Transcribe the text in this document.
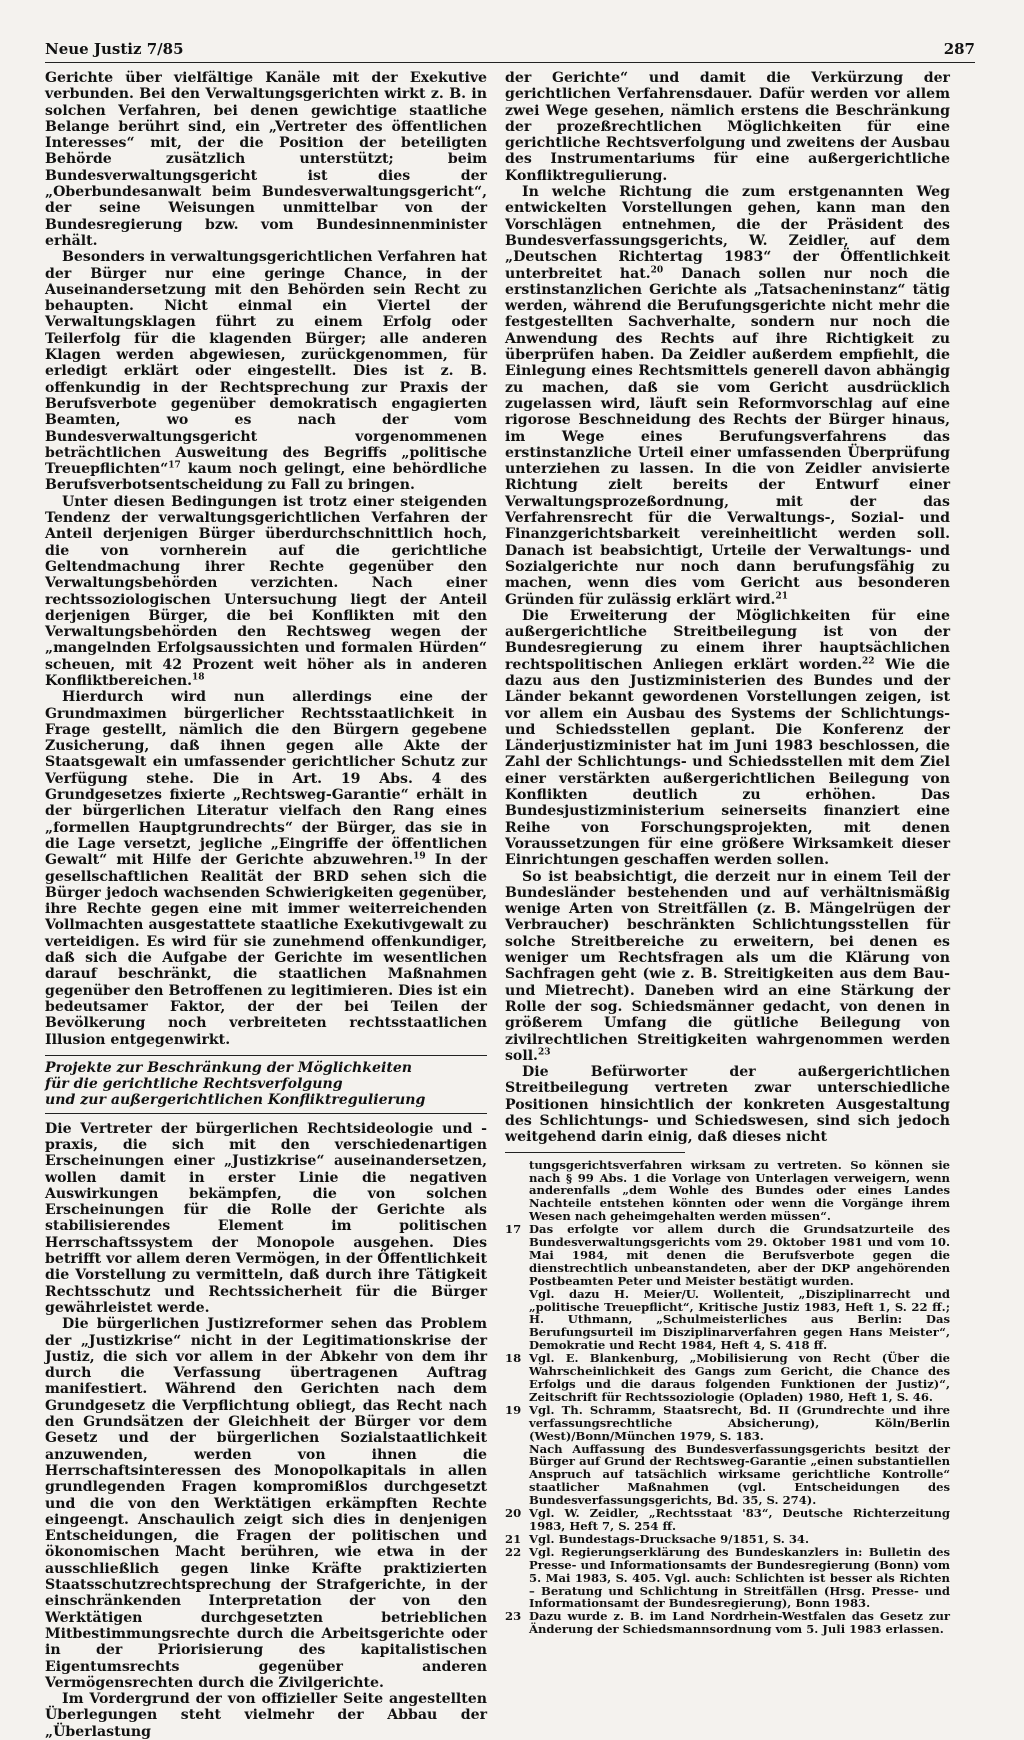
Neue Justiz 7/85	287

Gerichte über vielfältige Kanäle mit der Exekutive verbunden. Bei den Verwaltungsgerichten wirkt z. B. in solchen Verfahren, bei denen gewichtige staatliche Belange berührt sind, ein „Vertreter des öffentlichen Interesses“ mit, der die Position der beteiligten Behörde zusätzlich unterstützt; beim Bundesverwaltungsgericht ist dies der „Oberbundesanwalt beim Bundesverwaltungsgericht“, der seine Weisungen unmittelbar von der Bundesregierung bzw. vom Bundesinnenminister erhält.

Besonders in verwaltungsgerichtlichen Verfahren hat der Bürger nur eine geringe Chance, in der Auseinandersetzung mit den Behörden sein Recht zu behaupten. Nicht einmal ein Viertel der Verwaltungsklagen führt zu einem Erfolg oder Teilerfolg für die klagenden Bürger; alle anderen Klagen werden abgewiesen, zurückgenommen, für erledigt erklärt oder eingestellt. Dies ist z. B. offenkundig in der Rechtsprechung zur Praxis der Berufsverbote gegenüber demokratisch engagierten Beamten, wo es nach der vom Bundesverwaltungsgericht vorgenommenen beträchtlichen Ausweitung des Begriffs „politische Treuepflichten“$^{17}$ kaum noch gelingt, eine behördliche Berufsverbotsentscheidung zu Fall zu bringen.

Unter diesen Bedingungen ist trotz einer steigenden Tendenz der verwaltungsgerichtlichen Verfahren der Anteil derjenigen Bürger überdurchschnittlich hoch, die von vornherein auf die gerichtliche Geltendmachung ihrer Rechte gegenüber den Verwaltungsbehörden verzichten. Nach einer rechtssoziologischen Untersuchung liegt der Anteil derjenigen Bürger, die bei Konflikten mit den Verwaltungsbehörden den Rechtsweg wegen der „mangelnden Erfolgsaussichten und formalen Hürden“ scheuen, mit 42 Prozent weit höher als in anderen Konfliktbereichen.$^{18}$

Hierdurch wird nun allerdings eine der Grundmaximen bürgerlicher Rechtsstaatlichkeit in Frage gestellt, nämlich die den Bürgern gegebene Zusicherung, daß ihnen gegen alle Akte der Staatsgewalt ein umfassender gerichtlicher Schutz zur Verfügung stehe. Die in Art. 19 Abs. 4 des Grundgesetzes fixierte „Rechtsweg-Garantie“ erhält in der bürgerlichen Literatur vielfach den Rang eines „formellen Hauptgrundrechts“ der Bürger, das sie in die Lage versetzt, jegliche „Eingriffe der öffentlichen Gewalt“ mit Hilfe der Gerichte abzuwehren.$^{19}$ In der gesellschaftlichen Realität der BRD sehen sich die Bürger jedoch wachsenden Schwierigkeiten gegenüber, ihre Rechte gegen eine mit immer weiterreichenden Vollmachten ausgestattete staatliche Exekutivgewalt zu verteidigen. Es wird für sie zunehmend offenkundiger, daß sich die Aufgabe der Gerichte im wesentlichen darauf beschränkt, die staatlichen Maßnahmen gegenüber den Betroffenen zu legitimieren. Dies ist ein bedeutsamer Faktor, der der bei Teilen der Bevölkerung noch verbreiteten rechtsstaatlichen Illusion entgegenwirkt.

Projekte zur Beschränkung der Möglichkeiten
für die gerichtliche Rechtsverfolgung
und zur außergerichtlichen Konfliktregulierung

Die Vertreter der bürgerlichen Rechtsideologie und -praxis, die sich mit den verschiedenartigen Erscheinungen einer „Justizkrise“ auseinandersetzen, wollen damit in erster Linie die negativen Auswirkungen bekämpfen, die von solchen Erscheinungen für die Rolle der Gerichte als stabilisierendes Element im politischen Herrschaftssystem der Monopole ausgehen. Dies betrifft vor allem deren Vermögen, in der Öffentlichkeit die Vorstellung zu vermitteln, daß durch ihre Tätigkeit Rechtsschutz und Rechtssicherheit für die Bürger gewährleistet werde.

Die bürgerlichen Justizreformer sehen das Problem der „Justizkrise“ nicht in der Legitimationskrise der Justiz, die sich vor allem in der Abkehr von dem ihr durch die Verfassung übertragenen Auftrag manifestiert. Während den Gerichten nach dem Grundgesetz die Verpflichtung obliegt, das Recht nach den Grundsätzen der Gleichheit der Bürger vor dem Gesetz und der bürgerlichen Sozialstaatlichkeit anzuwenden, werden von ihnen die Herrschaftsinteressen des Monopolkapitals in allen grundlegenden Fragen kompromißlos durchgesetzt und die von den Werktätigen erkämpften Rechte eingeengt. Anschaulich zeigt sich dies in denjenigen Entscheidungen, die Fragen der politischen und ökonomischen Macht berühren, wie etwa in der ausschließlich gegen linke Kräfte praktizierten Staatsschutzrechtsprechung der Strafgerichte, in der einschränkenden Interpretation der von den Werktätigen durchgesetzten betrieblichen Mitbestimmungsrechte durch die Arbeitsgerichte oder in der Priorisierung des kapitalistischen Eigentumsrechts gegenüber anderen Vermögensrechten durch die Zivilgerichte.

Im Vordergrund der von offizieller Seite angestellten Überlegungen steht vielmehr der Abbau der „Überlastung

der Gerichte“ und damit die Verkürzung der gerichtlichen Verfahrensdauer. Dafür werden vor allem zwei Wege gesehen, nämlich erstens die Beschränkung der prozeßrechtlichen Möglichkeiten für eine gerichtliche Rechtsverfolgung und zweitens der Ausbau des Instrumentariums für eine außergerichtliche Konfliktregulierung.

In welche Richtung die zum erstgenannten Weg entwickelten Vorstellungen gehen, kann man den Vorschlägen entnehmen, die der Präsident des Bundesverfassungsgerichts, W. Zeidler, auf dem „Deutschen Richtertag 1983“ der Öffentlichkeit unterbreitet hat.$^{20}$ Danach sollen nur noch die erstinstanzlichen Gerichte als „Tatsacheninstanz“ tätig werden, während die Berufungsgerichte nicht mehr die festgestellten Sachverhalte, sondern nur noch die Anwendung des Rechts auf ihre Richtigkeit zu überprüfen haben. Da Zeidler außerdem empfiehlt, die Einlegung eines Rechtsmittels generell davon abhängig zu machen, daß sie vom Gericht ausdrücklich zugelassen wird, läuft sein Reformvorschlag auf eine rigorose Beschneidung des Rechts der Bürger hinaus, im Wege eines Berufungsverfahrens das erstinstanzliche Urteil einer umfassenden Überprüfung unterziehen zu lassen. In die von Zeidler anvisierte Richtung zielt bereits der Entwurf einer Verwaltungsprozeßordnung, mit der das Verfahrensrecht für die Verwaltungs-, Sozial- und Finanzgerichtsbarkeit vereinheitlicht werden soll. Danach ist beabsichtigt, Urteile der Verwaltungs- und Sozialgerichte nur noch dann berufungsfähig zu machen, wenn dies vom Gericht aus besonderen Gründen für zulässig erklärt wird.$^{21}$

Die Erweiterung der Möglichkeiten für eine außergerichtliche Streitbeilegung ist von der Bundesregierung zu einem ihrer hauptsächlichen rechtspolitischen Anliegen erklärt worden.$^{22}$ Wie die dazu aus den Justizministerien des Bundes und der Länder bekannt gewordenen Vorstellungen zeigen, ist vor allem ein Ausbau des Systems der Schlichtungs- und Schiedsstellen geplant. Die Konferenz der Länderjustizminister hat im Juni 1983 beschlossen, die Zahl der Schlichtungs- und Schiedsstellen mit dem Ziel einer verstärkten außergerichtlichen Beilegung von Konflikten deutlich zu erhöhen. Das Bundesjustizministerium seinerseits finanziert eine Reihe von Forschungsprojekten, mit denen Voraussetzungen für eine größere Wirksamkeit dieser Einrichtungen geschaffen werden sollen.

So ist beabsichtigt, die derzeit nur in einem Teil der Bundesländer bestehenden und auf verhältnismäßig wenige Arten von Streitfällen (z. B. Mängelrügen der Verbraucher) beschränkten Schlichtungsstellen für solche Streitbereiche zu erweitern, bei denen es weniger um Rechtsfragen als um die Klärung von Sachfragen geht (wie z. B. Streitigkeiten aus dem Bau- und Mietrecht). Daneben wird an eine Stärkung der Rolle der sog. Schiedsmänner gedacht, von denen in größerem Umfang die gütliche Beilegung von zivilrechtlichen Streitigkeiten wahrgenommen werden soll.$^{23}$

Die Befürworter der außergerichtlichen Streitbeilegung vertreten zwar unterschiedliche Positionen hinsichtlich der konkreten Ausgestaltung des Schlichtungs- und Schiedswesen, sind sich jedoch weitgehend darin einig, daß dieses nicht

tungsgerichtsverfahren wirksam zu vertreten. So können sie nach § 99 Abs. 1 die Vorlage von Unterlagen verweigern, wenn anderenfalls „dem Wohle des Bundes oder eines Landes Nachteile entstehen könnten oder wenn die Vorgänge ihrem Wesen nach geheimgehalten werden müssen“.
17 Das erfolgte vor allem durch die Grundsatzurteile des Bundesverwaltungsgerichts vom 29. Oktober 1981 und vom 10. Mai 1984, mit denen die Berufsverbote gegen die dienstrechtlich unbeanstandeten, aber der DKP angehörenden Postbeamten Peter und Meister bestätigt wurden.
Vgl. dazu H. Meier/U. Wollenteit, „Disziplinarrecht und „politische Treuepflicht“, Kritische Justiz 1983, Heft 1, S. 22 ff.; H. Uthmann, „Schulmeisterliches aus Berlin: Das Berufungsurteil im Disziplinarverfahren gegen Hans Meister“, Demokratie und Recht 1984, Heft 4, S. 418 ff.
18 Vgl. E. Blankenburg, „Mobilisierung von Recht (Über die Wahrscheinlichkeit des Gangs zum Gericht, die Chance des Erfolgs und die daraus folgenden Funktionen der Justiz)“, Zeitschrift für Rechtssoziologie (Opladen) 1980, Heft 1, S. 46.
19 Vgl. Th. Schramm, Staatsrecht, Bd. II (Grundrechte und ihre verfassungsrechtliche Absicherung), Köln/Berlin (West)/Bonn/München 1979, S. 183.
Nach Auffassung des Bundesverfassungsgerichts besitzt der Bürger auf Grund der Rechtsweg-Garantie „einen substantiellen Anspruch auf tatsächlich wirksame gerichtliche Kontrolle“ staatlicher Maßnahmen (vgl. Entscheidungen des Bundesverfassungsgerichts, Bd. 35, S. 274).
20 Vgl. W. Zeidler, „Rechtsstaat '83“, Deutsche Richterzeitung 1983, Heft 7, S. 254 ff.
21 Vgl. Bundestags-Drucksache 9/1851, S. 34.
22 Vgl. Regierungserklärung des Bundeskanzlers in: Bulletin des Presse- und Informationsamts der Bundesregierung (Bonn) vom 5. Mai 1983, S. 405. Vgl. auch: Schlichten ist besser als Richten – Beratung und Schlichtung in Streitfällen (Hrsg. Presse- und Informationsamt der Bundesregierung), Bonn 1983.
23 Dazu wurde z. B. im Land Nordrhein-Westfalen das Gesetz zur Änderung der Schiedsmannsordnung vom 5. Juli 1983 erlassen.
